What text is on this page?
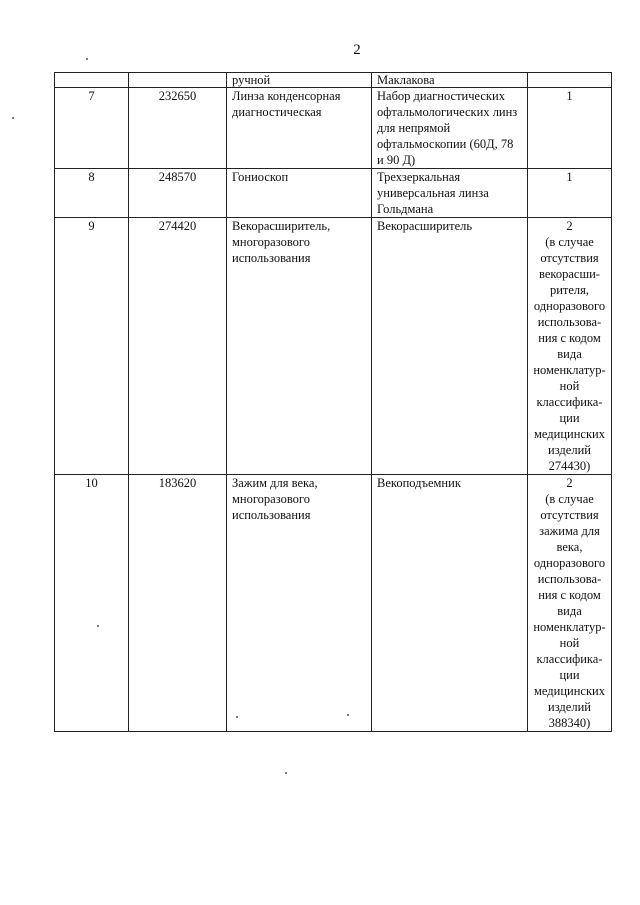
2
		ручной	Маклакова	
7	232650	Линза конденсорная диагностическая	Набор диагностических офтальмологических линз для непрямой офтальмоскопии (60Д, 78 и 90 Д)	1

8	248570	Гониоскоп	Трехзеркальная универсальная линза Гольдмана	1

9	274420	Векорасширитель, многоразового использования	Векорасширитель	2
(в случае отсутствия векорасши-рителя, одноразового использова-ния с кодом вида номенклатур-ной классифика-ции медицинских изделий 274430)
10	183620	Зажим для века, многоразового использования	Векоподъемник	2
(в случае отсутствия зажима для века, одноразового использова-ния с кодом вида номенклатур-ной классифика-ции медицинских изделий 388340)
